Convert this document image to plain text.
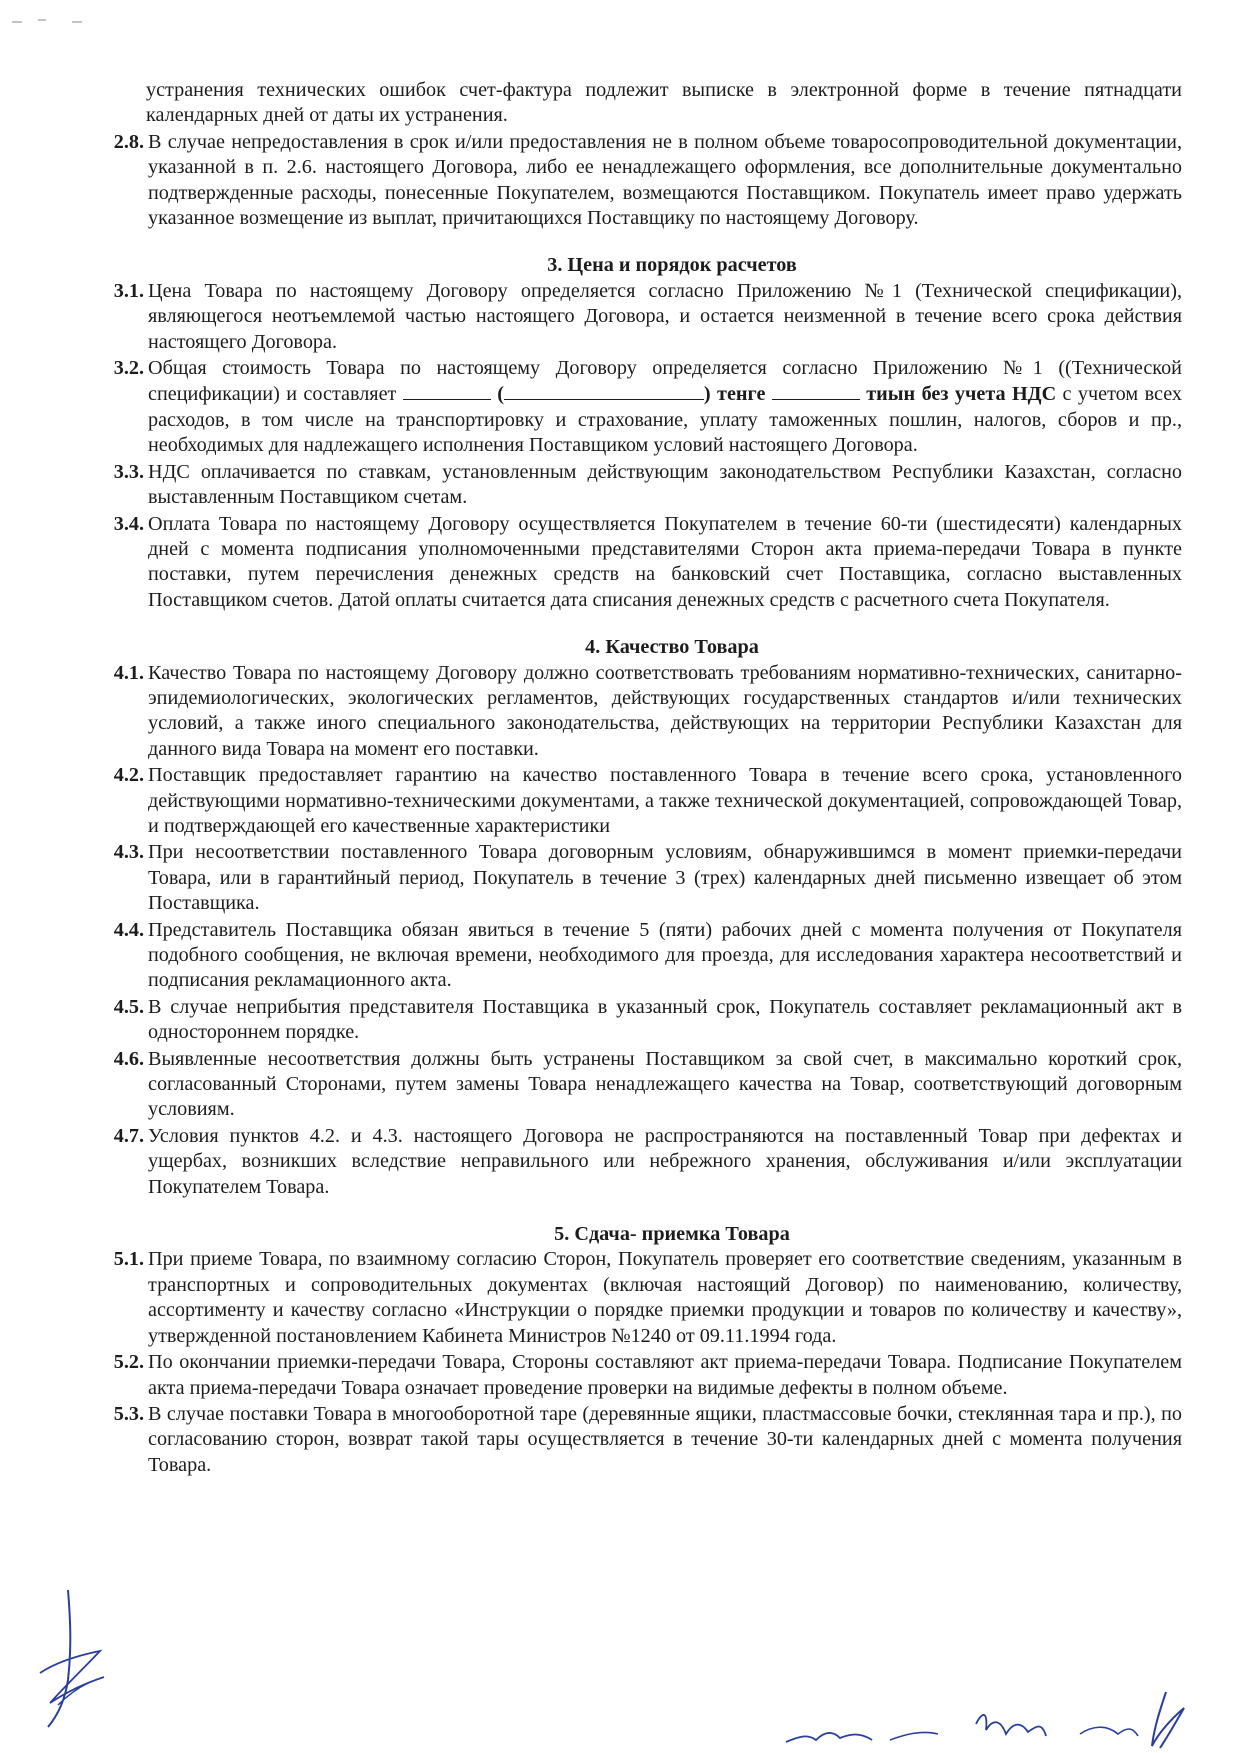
устранения технических ошибок счет-фактура подлежит выписке в электронной форме в течение пятнадцати календарных дней от даты их устранения.
2.8. В случае непредоставления в срок и/или предоставления не в полном объеме товаросопроводительной документации, указанной в п. 2.6. настоящего Договора, либо ее ненадлежащего оформления, все дополнительные документально подтвержденные расходы, понесенные Покупателем, возмещаются Поставщиком. Покупатель имеет право удержать указанное возмещение из выплат, причитающихся Поставщику по настоящему Договору.
3. Цена и порядок расчетов
3.1. Цена Товара по настоящему Договору определяется согласно Приложению №1 (Технической спецификации), являющегося неотъемлемой частью настоящего Договора, и остается неизменной в течение всего срока действия настоящего Договора.
3.2. Общая стоимость Товара по настоящему Договору определяется согласно Приложению №1 ((Технической спецификации) и составляет	(	) тенге	тиын без учета НДС с учетом всех расходов, в том числе на транспортировку и страхование, уплату таможенных пошлин, налогов, сборов и пр., необходимых для надлежащего исполнения Поставщиком условий настоящего Договора.
3.3. НДС оплачивается по ставкам, установленным действующим законодательством Республики Казахстан, согласно выставленным Поставщиком счетам.
3.4. Оплата Товара по настоящему Договору осуществляется Покупателем в течение 60-ти (шестидесяти) календарных дней с момента подписания уполномоченными представителями Сторон акта приема-передачи Товара в пункте поставки, путем перечисления денежных средств на банковский счет Поставщика, согласно выставленных Поставщиком счетов. Датой оплаты считается дата списания денежных средств с расчетного счета Покупателя.
4. Качество Товара
4.1. Качество Товара по настоящему Договору должно соответствовать требованиям нормативно-технических, санитарно-эпидемиологических, экологических регламентов, действующих государственных стандартов и/или технических условий, а также иного специального законодательства, действующих на территории Республики Казахстан для данного вида Товара на момент его поставки.
4.2. Поставщик предоставляет гарантию на качество поставленного Товара в течение всего срока, установленного действующими нормативно-техническими документами, а также технической документацией, сопровождающей Товар, и подтверждающей его качественные характеристики
4.3. При несоответствии поставленного Товара договорным условиям, обнаружившимся в момент приемки-передачи Товара, или в гарантийный период, Покупатель в течение 3 (трех) календарных дней письменно извещает об этом Поставщика.
4.4. Представитель Поставщика обязан явиться в течение 5 (пяти) рабочих дней с момента получения от Покупателя подобного сообщения, не включая времени, необходимого для проезда, для исследования характера несоответствий и подписания рекламационного акта.
4.5. В случае неприбытия представителя Поставщика в указанный срок, Покупатель составляет рекламационный акт в одностороннем порядке.
4.6. Выявленные несоответствия должны быть устранены Поставщиком за свой счет, в максимально короткий срок, согласованный Сторонами, путем замены Товара ненадлежащего качества на Товар, соответствующий договорным условиям.
4.7. Условия пунктов 4.2. и 4.3. настоящего Договора не распространяются на поставленный Товар при дефектах и ущербах, возникших вследствие неправильного или небрежного хранения, обслуживания и/или эксплуатации Покупателем Товара.
5. Сдача- приемка Товара
5.1. При приеме Товара, по взаимному согласию Сторон, Покупатель проверяет его соответствие сведениям, указанным в транспортных и сопроводительных документах (включая настоящий Договор) по наименованию, количеству, ассортименту и качеству согласно «Инструкции о порядке приемки продукции и товаров по количеству и качеству», утвержденной постановлением Кабинета Министров №1240 от 09.11.1994 года.
5.2. По окончании приемки-передачи Товара, Стороны составляют акт приема-передачи Товара. Подписание Покупателем акта приема-передачи Товара означает проведение проверки на видимые дефекты в полном объеме.
5.3. В случае поставки Товара в многооборотной таре (деревянные ящики, пластмассовые бочки, стеклянная тара и пр.), по согласованию сторон, возврат такой тары осуществляется в течение 30-ти календарных дней с момента получения Товара.
